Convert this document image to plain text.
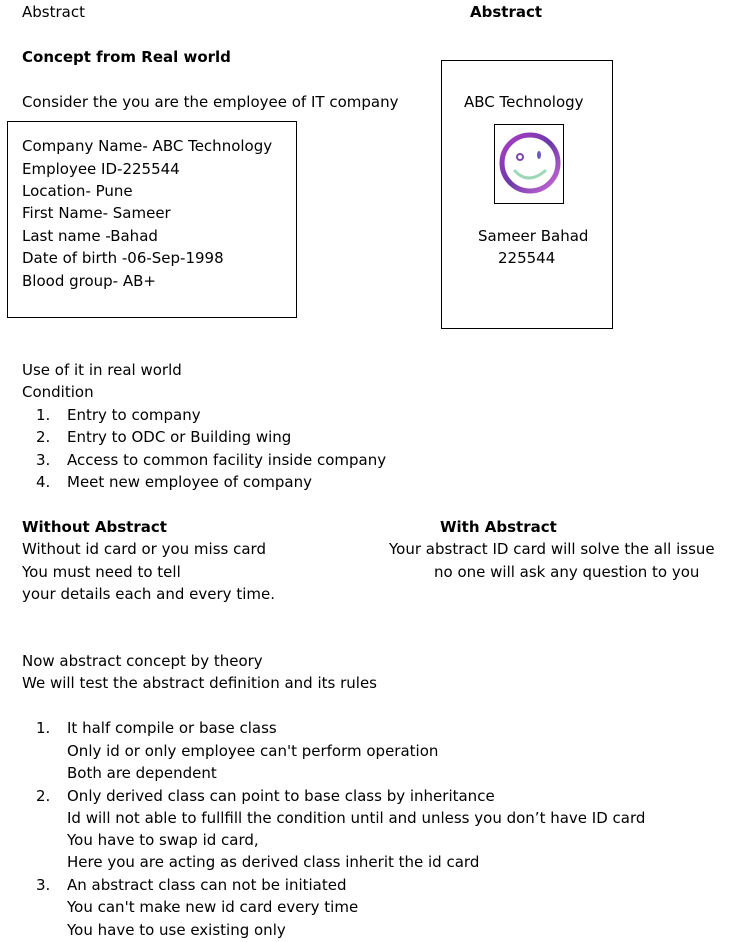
Abstract	Abstract
Concept from Real world
Consider the you are the employee of IT company
Company Name- ABC Technology
Employee ID-225544
Location- Pune
First Name- Sameer
Last name -Bahad
Date of birth -06-Sep-1998
Blood group- AB+
ABC Technology
Sameer Bahad
225544
Use of it in real world
Condition
1. Entry to company
2. Entry to ODC or Building wing
3. Access to common facility inside company
4. Meet new employee of company
Without Abstract
Without id card or you miss card
You must need to tell
your details each and every time.
With Abstract
Your abstract ID card will solve the all issue
no one will ask any question to you
Now abstract concept by theory
We will test the abstract definition and its rules
1. It half compile or base class
Only id or only employee can't perform operation
Both are dependent
2. Only derived class can point to base class by inheritance
Id will not able to fullfill the condition until and unless you don’t have ID card
You have to swap id card,
Here you are acting as derived class inherit the id card
3. An abstract class can not be initiated
You can't make new id card every time
You have to use existing only
